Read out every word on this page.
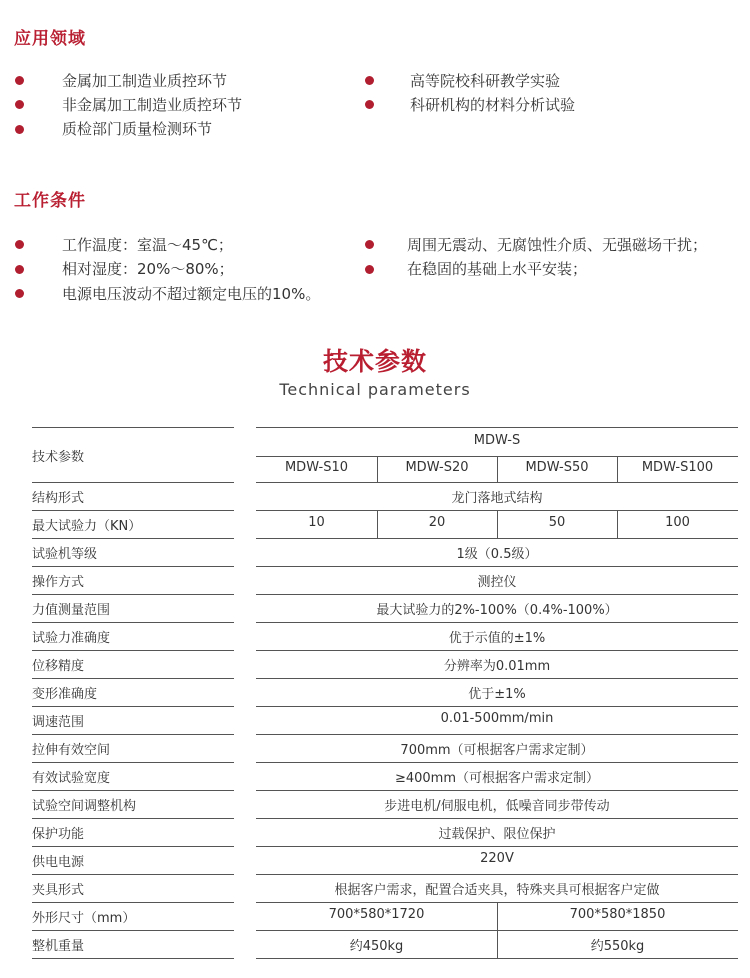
应用领域
金属加工制造业质控环节
非金属加工制造业质控环节
质检部门质量检测环节
高等院校科研教学实验
科研机构的材料分析试验
工作条件
工作温度：室温～45℃；
相对湿度：20%～80%；
电源电压波动不超过额定电压的10%。
周围无震动、无腐蚀性介质、无强磁场干扰；
在稳固的基础上水平安装；
技术参数
Technical parameters
技术参数
MDW-S
MDW-S10	MDW-S20	MDW-S50	MDW-S100
结构形式	龙门落地式结构
最大试验力（KN）	10	20	50	100
试验机等级	1级（0.5级）
操作方式	测控仪
力值测量范围	最大试验力的2%-100%（0.4%-100%）
试验力准确度	优于示值的±1%
位移精度	分辨率为0.01mm
变形准确度	优于±1%
调速范围	0.01-500mm/min
拉伸有效空间	700mm（可根据客户需求定制）
有效试验宽度	≥400mm（可根据客户需求定制）
试验空间调整机构	步进电机/伺服电机，低噪音同步带传动
保护功能	过载保护、限位保护
供电电源	220V
夹具形式	根据客户需求，配置合适夹具，特殊夹具可根据客户定做
外形尺寸（mm）	700*580*1720	700*580*1850
整机重量	约450kg	约550kg
